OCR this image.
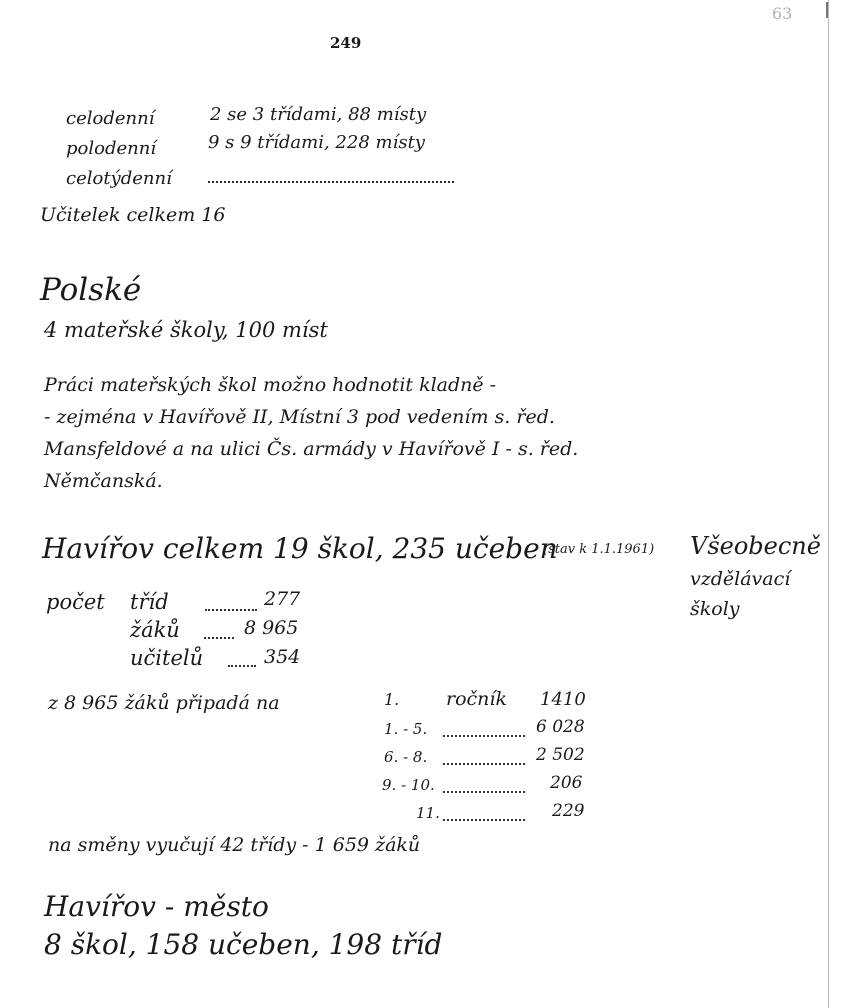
249
63
celodenní	2 se 3 třídami, 88 místy
polodenní	9 s 9 třídami, 228 místy
celotýdenní
Učitelek celkem 16
Polské
4 mateřské školy, 100 míst
Práci mateřských škol možno hodnotit kladně -
- zejména v Havířově II, Místní 3 pod vedením s. řed.
Mansfeldové a na ulici Čs. armády v Havířově I - s. řed.
Němčanská.
Havířov celkem 19 škol, 235 učeben
(stav k 1.1.1961) Všeobecně
vzdělávací
školy
počet tříd	277
žáků	8 965
učitelů	354
z 8 965 žáků připadá na	1. ročník 1410
1. - 5.	6 028
6. - 8.	2 502
9. - 10.	206
11.	229
na směny vyučují 42 třídy - 1 659 žáků
Havířov - město
8 škol, 158 učeben, 198 tříd
